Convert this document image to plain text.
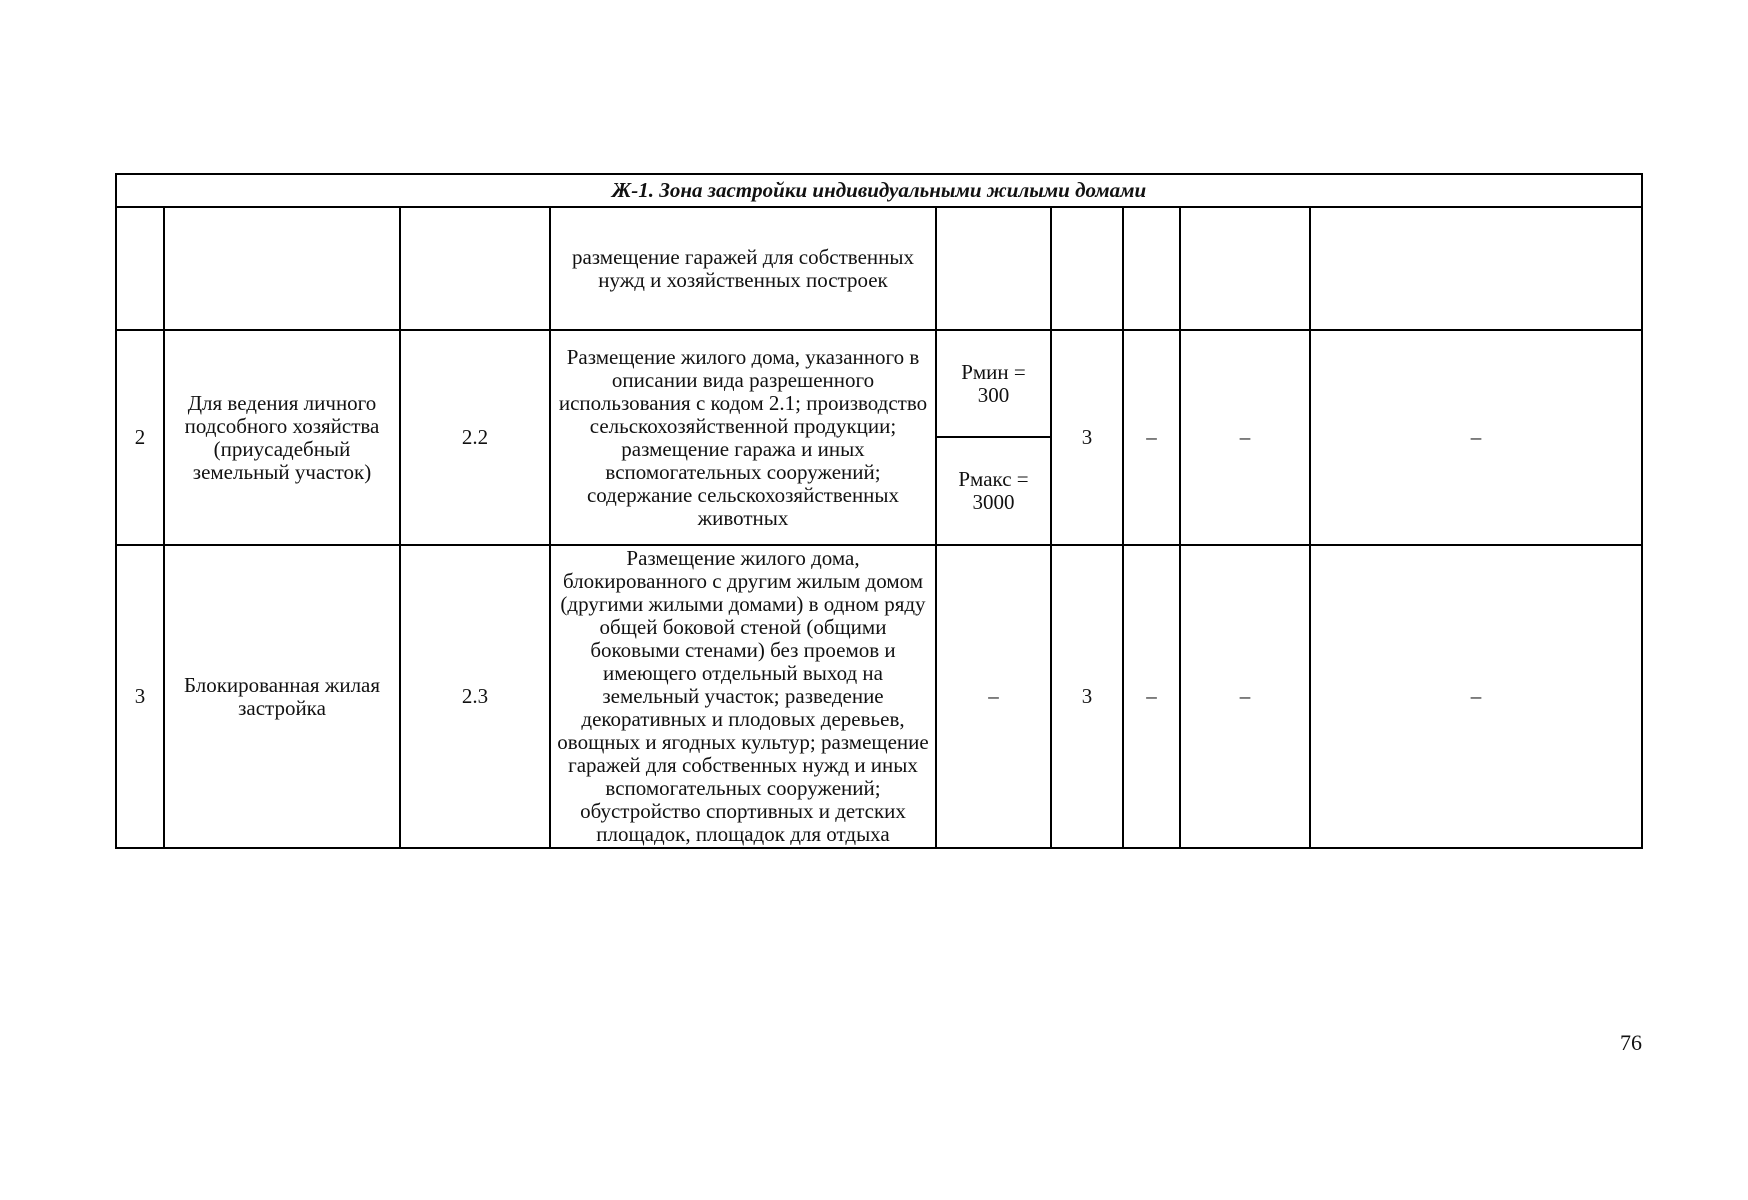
Ж-1. Зона застройки индивидуальными жилыми домами								
			размещение гаражей для собственных нужд и хозяйственных построек					
2	Для ведения личного подсобного хозяйства (приусадебный земельный участок)	2.2	Размещение жилого дома, указанного в описании вида разрешенного использования с кодом 2.1; производство сельскохозяйственной продукции; размещение гаража и иных вспомогательных сооружений; содержание сельскохозяйственных животных	Рмин = 300	3	–	–	–
				Рмакс = 3000				
3	Блокированная жилая застройка	2.3	Размещение жилого дома, блокированного с другим жилым домом (другими жилыми домами) в одном ряду общей боковой стеной (общими боковыми стенами) без проемов и имеющего отдельный выход на земельный участок; разведение декоративных и плодовых деревьев, овощных и ягодных культур; размещение гаражей для собственных нужд и иных вспомогательных сооружений; обустройство спортивных и детских площадок, площадок для отдыха	–	3	–	–	–
76
